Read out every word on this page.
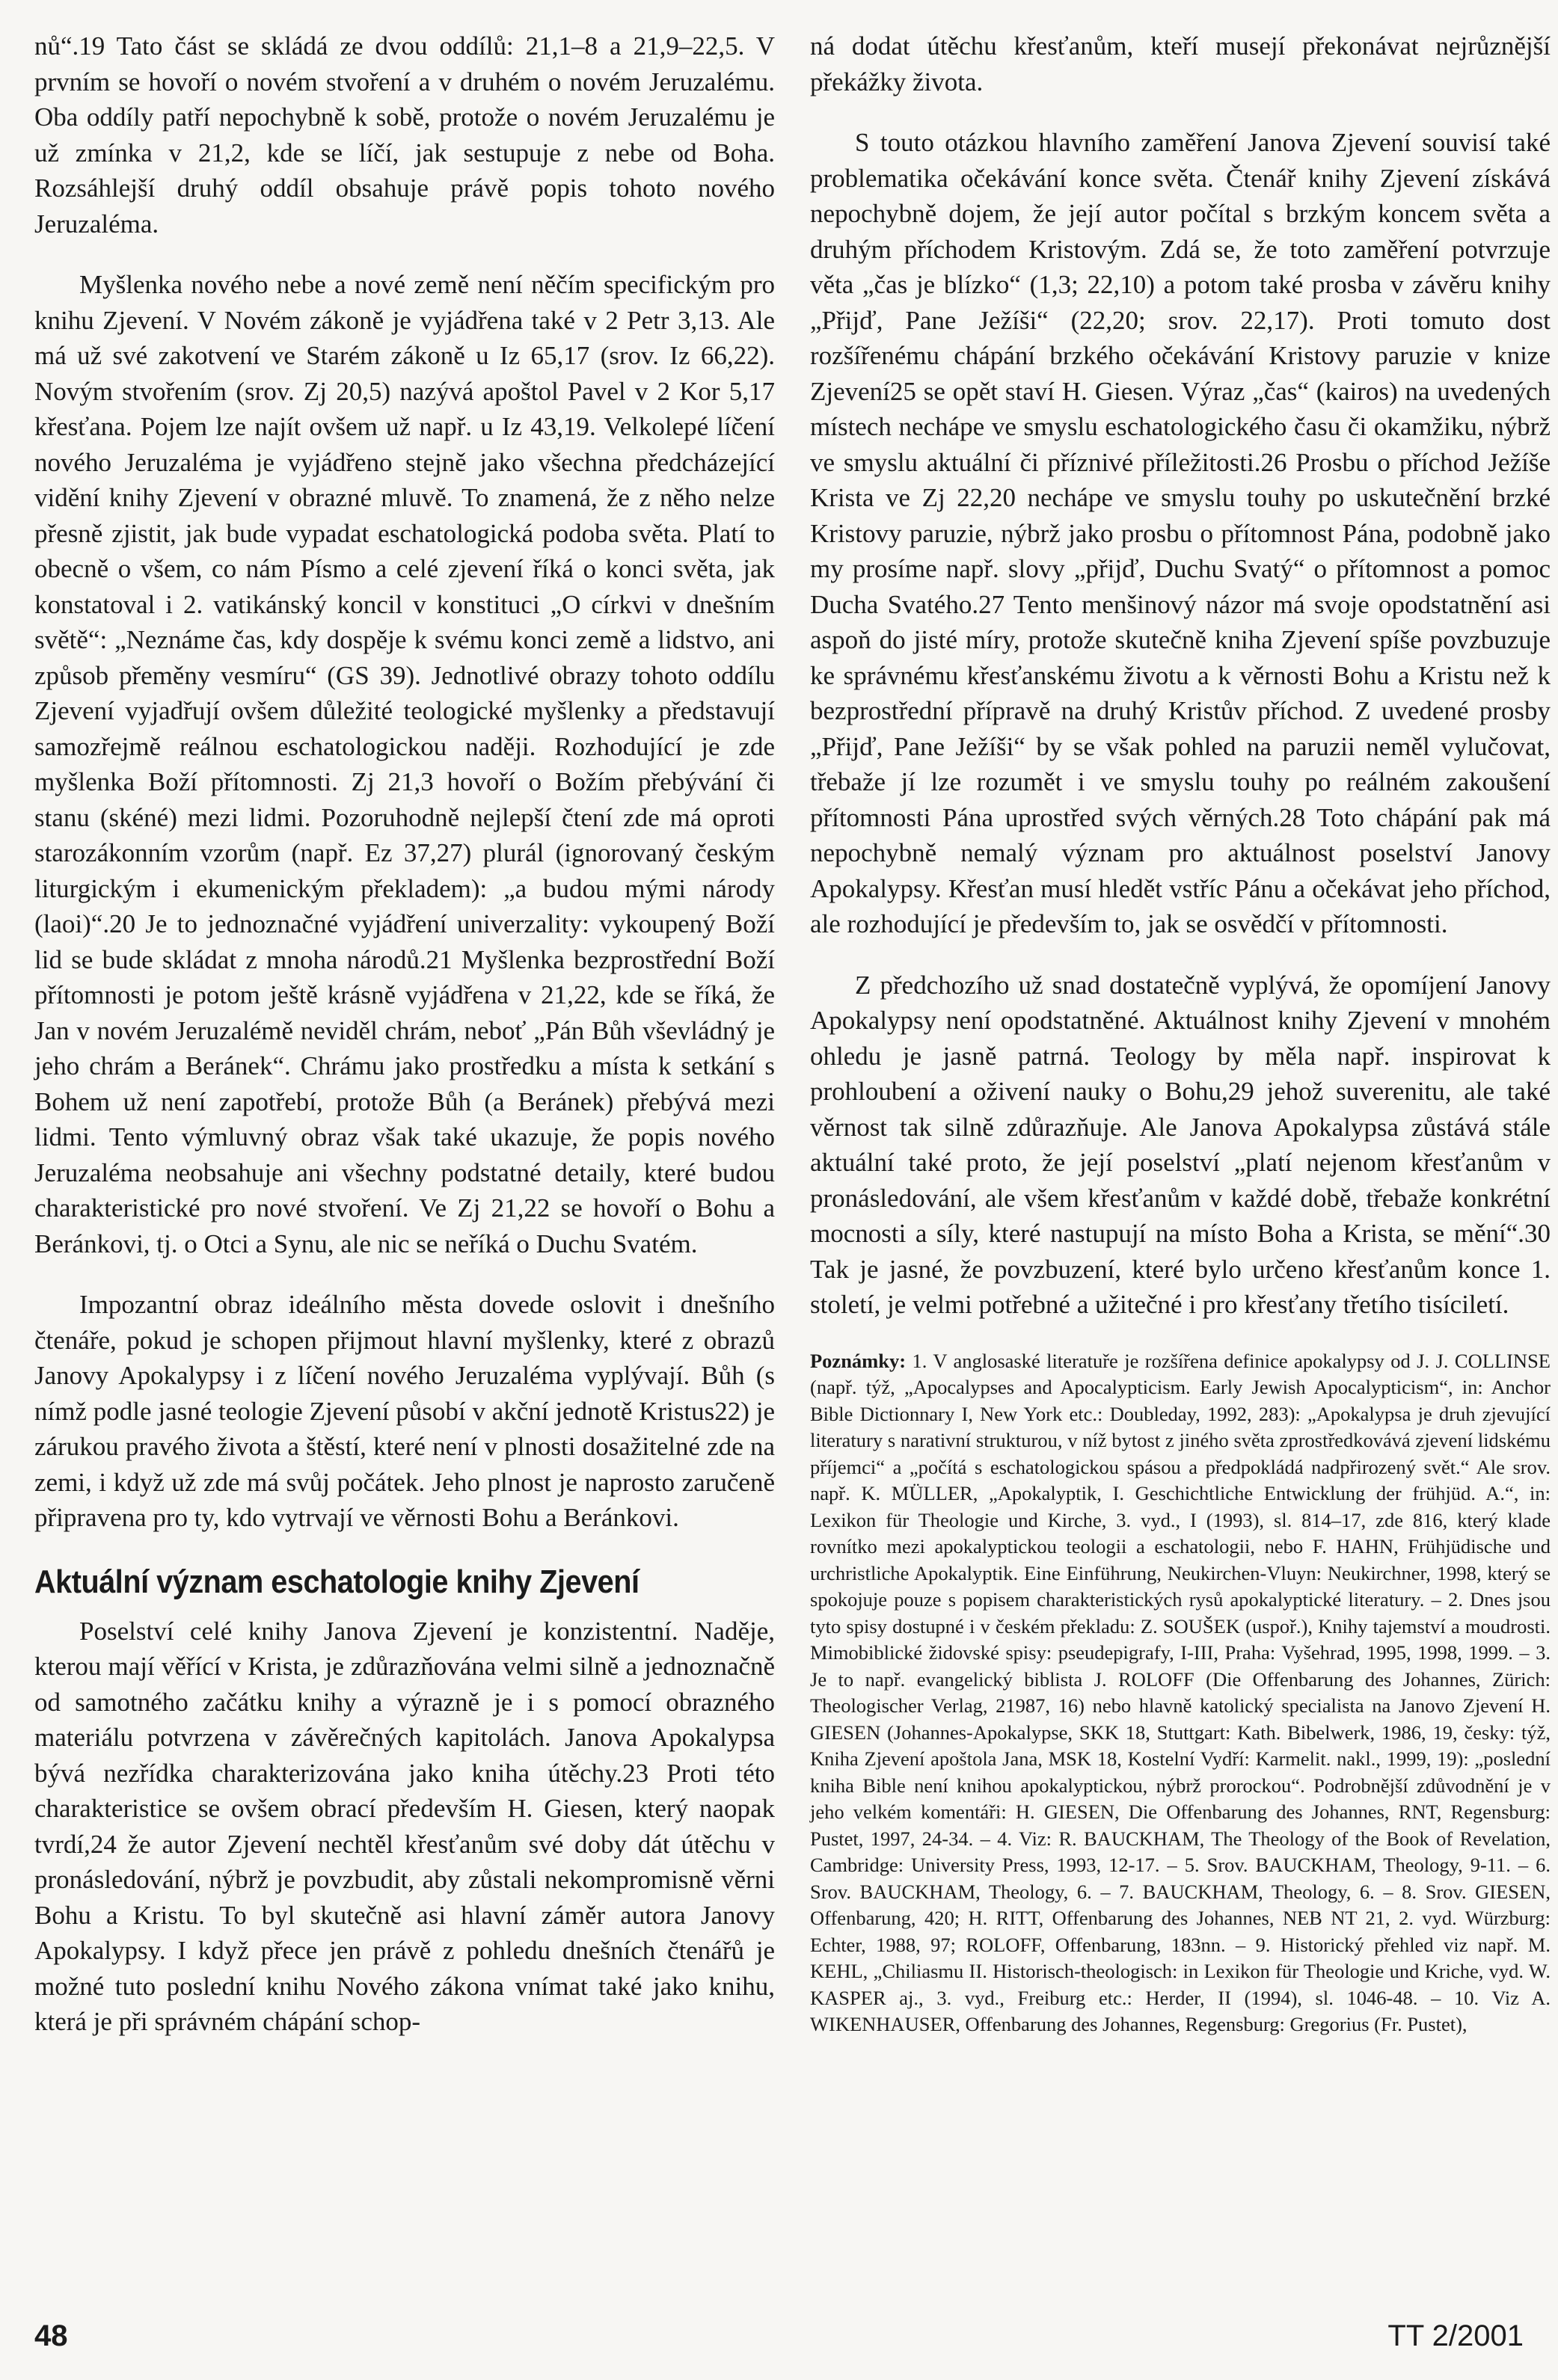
nů“.19 Tato část se skládá ze dvou oddílů: 21,1–8 a 21,9–22,5. V prvním se hovoří o novém stvoření a v druhém o novém Jeruzalému. Oba oddíly patří nepochybně k sobě, protože o novém Jeruzalému je už zmínka v 21,2, kde se líčí, jak sestupuje z nebe od Boha. Rozsáhlejší druhý oddíl obsahuje právě popis tohoto nového Jeruzaléma.

Myšlenka nového nebe a nové země není něčím specifickým pro knihu Zjevení. V Novém zákoně je vyjádřena také v 2 Petr 3,13. Ale má už své zakotvení ve Starém zákoně u Iz 65,17 (srov. Iz 66,22). Novým stvořením (srov. Zj 20,5) nazývá apoštol Pavel v 2 Kor 5,17 křesťana. Pojem lze najít ovšem už např. u Iz 43,19. Velkolepé líčení nového Jeruzaléma je vyjádřeno stejně jako všechna předcházející vidění knihy Zjevení v obrazné mluvě. To znamená, že z něho nelze přesně zjistit, jak bude vypadat eschatologická podoba světa. Platí to obecně o všem, co nám Písmo a celé zjevení říká o konci světa, jak konstatoval i 2. vatikánský koncil v konstituci „O církvi v dnešním světě“: „Neznáme čas, kdy dospěje k svému konci země a lidstvo, ani způsob přeměny vesmíru“ (GS 39). Jednotlivé obrazy tohoto oddílu Zjevení vyjadřují ovšem důležité teologické myšlenky a představují samozřejmě reálnou eschatologickou naději. Rozhodující je zde myšlenka Boží přítomnosti. Zj 21,3 hovoří o Božím přebývání či stanu (skéné) mezi lidmi. Pozoruhodně nejlepší čtení zde má oproti starozákonním vzorům (např. Ez 37,27) plurál (ignorovaný českým liturgickým i ekumenickým překladem): „a budou mými národy (laoi)“.20 Je to jednoznačné vyjádření univerzality: vykoupený Boží lid se bude skládat z mnoha národů.21 Myšlenka bezprostřední Boží přítomnosti je potom ještě krásně vyjádřena v 21,22, kde se říká, že Jan v novém Jeruzalémě neviděl chrám, neboť „Pán Bůh vševládný je jeho chrám a Beránek“. Chrámu jako prostředku a místa k setkání s Bohem už není zapotřebí, protože Bůh (a Beránek) přebývá mezi lidmi. Tento výmluvný obraz však také ukazuje, že popis nového Jeruzaléma neobsahuje ani všechny podstatné detaily, které budou charakteristické pro nové stvoření. Ve Zj 21,22 se hovoří o Bohu a Beránkovi, tj. o Otci a Synu, ale nic se neříká o Duchu Svatém.

Impozantní obraz ideálního města dovede oslovit i dnešního čtenáře, pokud je schopen přijmout hlavní myšlenky, které z obrazů Janovy Apokalypsy i z líčení nového Jeruzaléma vyplývají. Bůh (s nímž podle jasné teologie Zjevení působí v akční jednotě Kristus22) je zárukou pravého života a štěstí, které není v plnosti dosažitelné zde na zemi, i když už zde má svůj počátek. Jeho plnost je naprosto zaručeně připravena pro ty, kdo vytrvají ve věrnosti Bohu a Beránkovi.

Aktuální význam eschatologie knihy Zjevení

Poselství celé knihy Janova Zjevení je konzistentní. Naděje, kterou mají věřící v Krista, je zdůrazňována velmi silně a jednoznačně od samotného začátku knihy a výrazně je i s pomocí obrazného materiálu potvrzena v závěrečných kapitolách. Janova Apokalypsa bývá nezřídka charakterizována jako kniha útěchy.23 Proti této charakteristice se ovšem obrací především H. Giesen, který naopak tvrdí,24 že autor Zjevení nechtěl křesťanům své doby dát útěchu v pronásledování, nýbrž je povzbudit, aby zůstali nekompromisně věrni Bohu a Kristu. To byl skutečně asi hlavní záměr autora Janovy Apokalypsy. I když přece jen právě z pohledu dnešních čtenářů je možné tuto poslední knihu Nového zákona vnímat také jako knihu, která je při správném chápání schop-

ná dodat útěchu křesťanům, kteří musejí překonávat nejrůznější překážky života.

S touto otázkou hlavního zaměření Janova Zjevení souvisí také problematika očekávání konce světa. Čtenář knihy Zjevení získává nepochybně dojem, že její autor počítal s brzkým koncem světa a druhým příchodem Kristovým. Zdá se, že toto zaměření potvrzuje věta „čas je blízko“ (1,3; 22,10) a potom také prosba v závěru knihy „Přijď, Pane Ježíši“ (22,20; srov. 22,17). Proti tomuto dost rozšířenému chápání brzkého očekávání Kristovy paruzie v knize Zjevení25 se opět staví H. Giesen. Výraz „čas“ (kairos) na uvedených místech nechápe ve smyslu eschatologického času či okamžiku, nýbrž ve smyslu aktuální či příznivé příležitosti.26 Prosbu o příchod Ježíše Krista ve Zj 22,20 nechápe ve smyslu touhy po uskutečnění brzké Kristovy paruzie, nýbrž jako prosbu o přítomnost Pána, podobně jako my prosíme např. slovy „přijď, Duchu Svatý“ o přítomnost a pomoc Ducha Svatého.27 Tento menšinový názor má svoje opodstatnění asi aspoň do jisté míry, protože skutečně kniha Zjevení spíše povzbuzuje ke správnému křesťanskému životu a k věrnosti Bohu a Kristu než k bezprostřední přípravě na druhý Kristův příchod. Z uvedené prosby „Přijď, Pane Ježíši“ by se však pohled na paruzii neměl vylučovat, třebaže jí lze rozumět i ve smyslu touhy po reálném zakoušení přítomnosti Pána uprostřed svých věrných.28 Toto chápání pak má nepochybně nemalý význam pro aktuálnost poselství Janovy Apokalypsy. Křesťan musí hledět vstříc Pánu a očekávat jeho příchod, ale rozhodující je především to, jak se osvědčí v přítomnosti.

Z předchozího už snad dostatečně vyplývá, že opomíjení Janovy Apokalypsy není opodstatněné. Aktuálnost knihy Zjevení v mnohém ohledu je jasně patrná. Teology by měla např. inspirovat k prohloubení a oživení nauky o Bohu,29 jehož suverenitu, ale také věrnost tak silně zdůrazňuje. Ale Janova Apokalypsa zůstává stále aktuální také proto, že její poselství „platí nejenom křesťanům v pronásledování, ale všem křesťanům v každé době, třebaže konkrétní mocnosti a síly, které nastupují na místo Boha a Krista, se mění“.30 Tak je jasné, že povzbuzení, které bylo určeno křesťanům konce 1. století, je velmi potřebné a užitečné i pro křesťany třetího tisíciletí.

Poznámky: 1. V anglosaské literatuře je rozšířena definice apokalypsy od J. J. COLLINSE (např. týž, „Apocalypses and Apocalypticism. Early Jewish Apocalypticism“, in: Anchor Bible Dictionnary I, New York etc.: Doubleday, 1992, 283): „Apokalypsa je druh zjevující literatury s narativní strukturou, v níž bytost z jiného světa zprostředkovává zjevení lidskému příjemci“ a „počítá s eschatologickou spásou a předpokládá nadpřirozený svět.“ Ale srov. např. K. MÜLLER, „Apokalyptik, I. Geschichtliche Entwicklung der frühjüd. A.“, in: Lexikon für Theologie und Kirche, 3. vyd., I (1993), sl. 814–17, zde 816, který klade rovnítko mezi apokalyptickou teologii a eschatologii, nebo F. HAHN, Frühjüdische und urchristliche Apokalyptik. Eine Einführung, Neukirchen-Vluyn: Neukirchner, 1998, který se spokojuje pouze s popisem charakteristických rysů apokalyptické literatury. – 2. Dnes jsou tyto spisy dostupné i v českém překladu: Z. SOUŠEK (uspoř.), Knihy tajemství a moudrosti. Mimobiblické židovské spisy: pseudepigrafy, I-III, Praha: Vyšehrad, 1995, 1998, 1999. – 3. Je to např. evangelický biblista J. ROLOFF (Die Offenbarung des Johannes, Zürich: Theologischer Verlag, 21987, 16) nebo hlavně katolický specialista na Janovo Zjevení H. GIESEN (Johannes-Apokalypse, SKK 18, Stuttgart: Kath. Bibelwerk, 1986, 19, česky: týž, Kniha Zjevení apoštola Jana, MSK 18, Kostelní Vydří: Karmelit. nakl., 1999, 19): „poslední kniha Bible není knihou apokalyptickou, nýbrž prorockou“. Podrobnější zdůvodnění je v jeho velkém komentáři: H. GIESEN, Die Offenbarung des Johannes, RNT, Regensburg: Pustet, 1997, 24-34. – 4. Viz: R. BAUCKHAM, The Theology of the Book of Revelation, Cambridge: University Press, 1993, 12-17. – 5. Srov. BAUCKHAM, Theology, 9-11. – 6. Srov. BAUCKHAM, Theology, 6. – 7. BAUCKHAM, Theology, 6. – 8. Srov. GIESEN, Offenbarung, 420; H. RITT, Offenbarung des Johannes, NEB NT 21, 2. vyd. Würzburg: Echter, 1988, 97; ROLOFF, Offenbarung, 183nn. – 9. Historický přehled viz např. M. KEHL, „Chiliasmu II. Historisch-theologisch: in Lexikon für Theologie und Kriche, vyd. W. KASPER aj., 3. vyd., Freiburg etc.: Herder, II (1994), sl. 1046-48. – 10. Viz A. WIKENHAUSER, Offenbarung des Johannes, Regensburg: Gregorius (Fr. Pustet),

48	TT 2/2001
